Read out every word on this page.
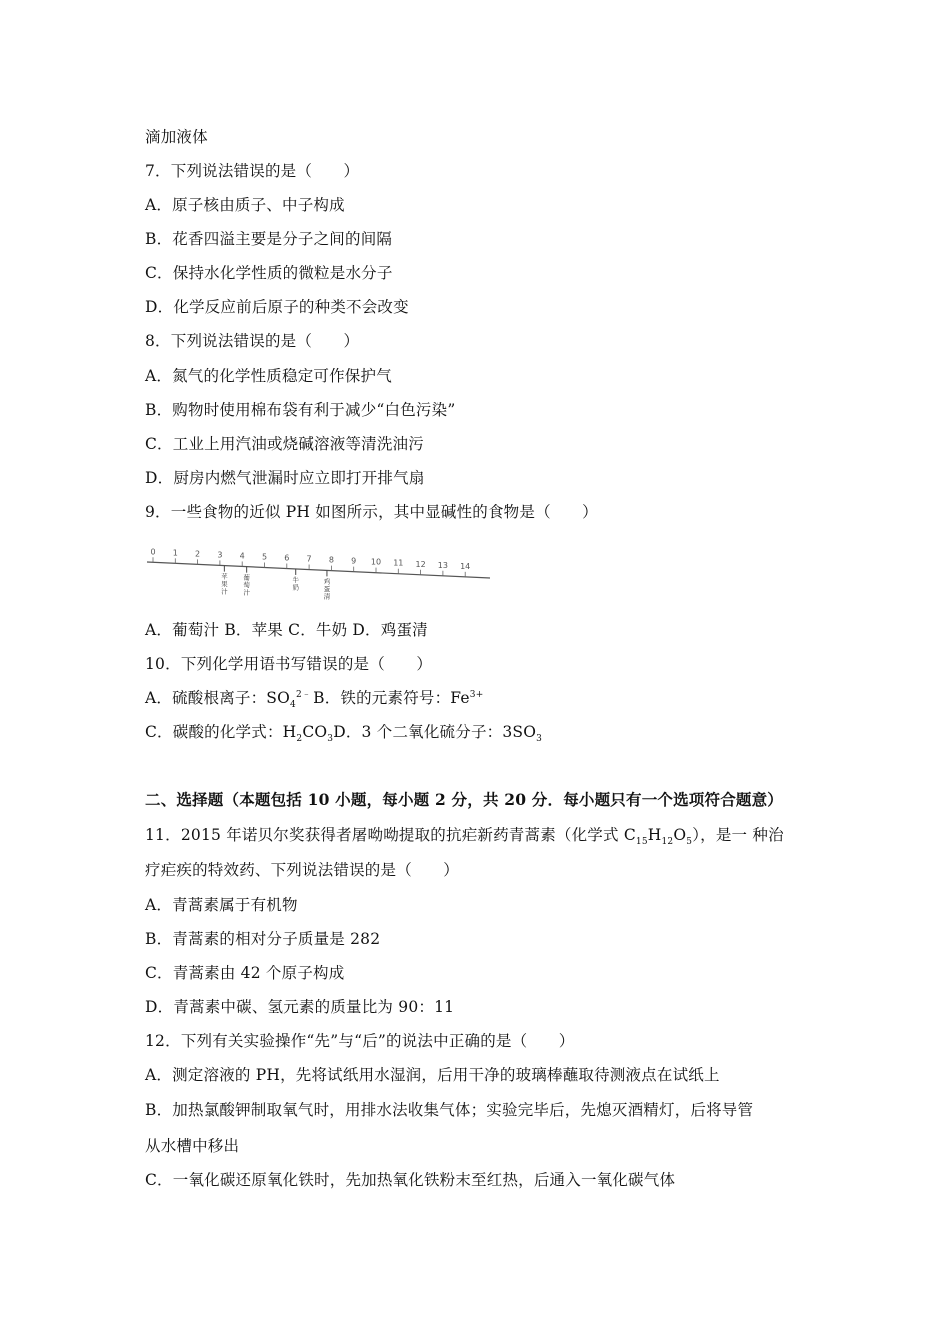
滴加液体
7．下列说法错误的是（　　）
A．原子核由质子、中子构成
B．花香四溢主要是分子之间的间隔
C．保持水化学性质的微粒是水分子
D．化学反应前后原子的种类不会改变
8．下列说法错误的是（　　）
A．氮气的化学性质稳定可作保护气
B．购物时使用棉布袋有利于减少“白色污染”
C．工业上用汽油或烧碱溶液等清洗油污
D．厨房内燃气泄漏时应立即打开排气扇
9．一些食物的近似 PH 如图所示，其中显碱性的食物是（　　）
0 1 2 3 4 5 6 7 8 9 10 11 12 13 14
苹果汁
葡萄汁
牛奶
鸡蛋清
A．葡萄汁 B．苹果 C．牛奶 D．鸡蛋清
10．下列化学用语书写错误的是（　　）
A．硫酸根离子：$SO_4^{2﹣}$ B．铁的元素符号：$Fe^{3+}$
C．碳酸的化学式：$H_2CO_3D$．3 个二氧化硫分子：$3SO_3$
二、选择题（本题包括 10 小题，每小题 2 分，共 20 分．每小题只有一个选项符合题意）
11．2015 年诺贝尔奖获得者屠呦呦提取的抗疟新药青蒿素（化学式 $C_{15}H_{12}O_5$），是一 种治
疗疟疾的特效药、下列说法错误的是（　　）
A．青蒿素属于有机物
B．青蒿素的相对分子质量是 282
C．青蒿素由 42 个原子构成
D．青蒿素中碳、氢元素的质量比为 90：11
12．下列有关实验操作“先”与“后”的说法中正确的是（　　）
A．测定溶液的 PH，先将试纸用水湿润，后用干净的玻璃棒蘸取待测液点在试纸上
B．加热氯酸钾制取氧气时，用排水法收集气体；实验完毕后，先熄灭酒精灯，后将导管
从水槽中移出
C．一氧化碳还原氧化铁时，先加热氧化铁粉末至红热，后通入一氧化碳气体
